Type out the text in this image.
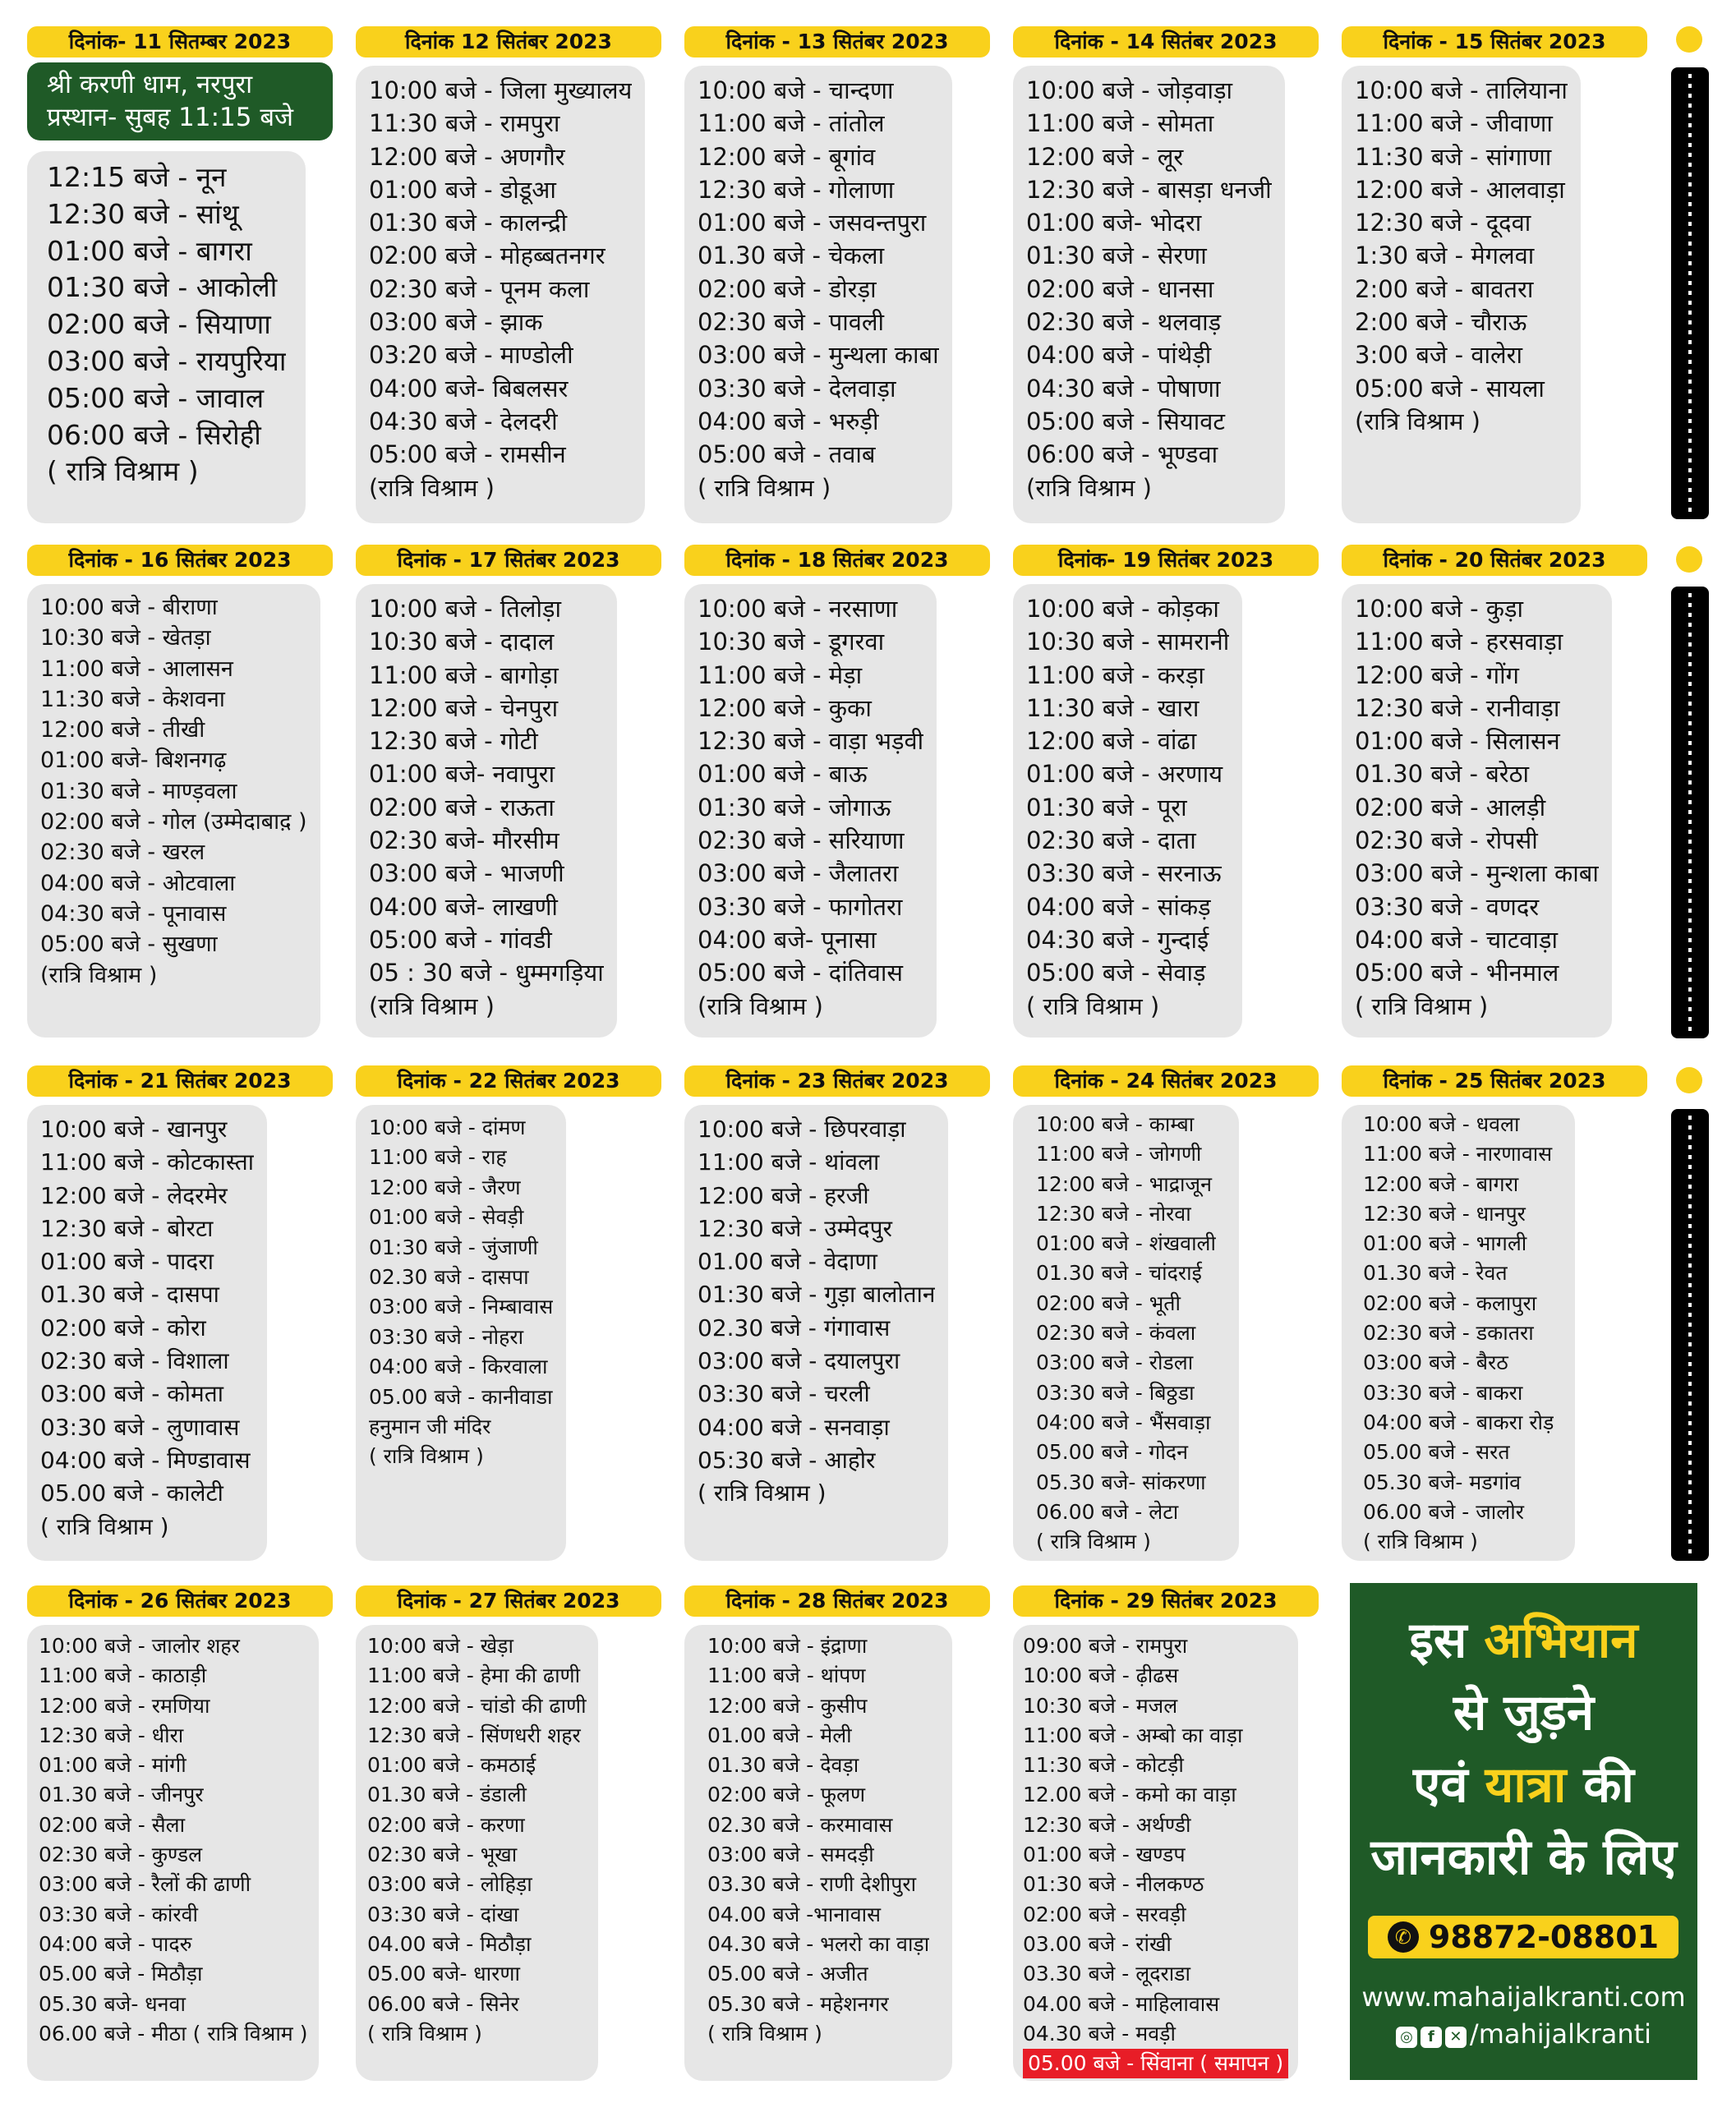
दिनांक- 11 सितम्बर 2023
श्री करणी धाम, नरपुरा
प्रस्थान- सुबह 11:15 बजे
12:15 बजे - नून
12:30 बजे - सांथू
01:00 बजे - बागरा
01:30 बजे - आकोली
02:00 बजे - सियाणा
03:00 बजे - रायपुरिया
05:00 बजे - जावाल
06:00 बजे - सिरोही
( रात्रि विश्राम )
दिनांक 12 सितंबर 2023
10:00 बजे - जिला मुख्यालय
11:30 बजे - रामपुरा
12:00 बजे - अणगौर
01:00 बजे - डोडूआ
01:30 बजे - कालन्द्री
02:00 बजे - मोहब्बतनगर
02:30 बजे - पूनम कला
03:00 बजे - झाक
03:20 बजे - माण्डोली
04:00 बजे- बिबलसर
04:30 बजे - देलदरी
05:00 बजे - रामसीन
(रात्रि विश्राम )
दिनांक - 13 सितंबर 2023
10:00 बजे - चान्दणा
11:00 बजे - तांतोल
12:00 बजे - बूगांव
12:30 बजे - गोलाणा
01:00 बजे - जसवन्तपुरा
01.30 बजे - चेकला
02:00 बजे - डोरड़ा
02:30 बजे - पावली
03:00 बजे - मुन्थला काबा
03:30 बजे - देलवाड़ा
04:00 बजे - भरुड़ी
05:00 बजे - तवाब
( रात्रि विश्राम )
दिनांक - 14 सितंबर 2023
10:00 बजे - जोड़वाड़ा
11:00 बजे - सोमता
12:00 बजे - लूर
12:30 बजे - बासड़ा धनजी
01:00 बजे- भोदरा
01:30 बजे - सेरणा
02:00 बजे - धानसा
02:30 बजे - थलवाड़
04:00 बजे - पांथेड़ी
04:30 बजे - पोषाणा
05:00 बजे - सियावट
06:00 बजे - भूण्डवा
(रात्रि विश्राम )
दिनांक - 15 सितंबर 2023
10:00 बजे - तालियाना
11:00 बजे - जीवाणा
11:30 बजे - सांगाणा
12:00 बजे - आलवाड़ा
12:30 बजे - दूदवा
1:30 बजे - मेगलवा
2:00 बजे - बावतरा
2:00 बजे - चौराऊ
3:00 बजे - वालेरा
05:00 बजे - सायला
(रात्रि विश्राम )
दिनांक - 16 सितंबर 2023
10:00 बजे - बीराणा
10:30 बजे - खेतड़ा
11:00 बजे - आलासन
11:30 बजे - केशवना
12:00 बजे - तीखी
01:00 बजे- बिशनगढ़
01:30 बजे - माण्ड़वला
02:00 बजे - गोल (उम्मेदाबाद़ )
02:30 बजे - खरल
04:00 बजे - ओटवाला
04:30 बजे - पूनावास
05:00 बजे - सुखणा
(रात्रि विश्राम )
दिनांक - 17 सितंबर 2023
10:00 बजे - तिलोड़ा
10:30 बजे - दादाल
11:00 बजे - बागोड़ा
12:00 बजे - चेनपुरा
12:30 बजे - गोटी
01:00 बजे- नवापुरा
02:00 बजे - राऊता
02:30 बजे- मौरसीम
03:00 बजे - भाजणी
04:00 बजे- लाखणी
05:00 बजे - गांवडी
05 : 30 बजे - धुम्मगड़िया
(रात्रि विश्राम )
दिनांक - 18 सितंबर 2023
10:00 बजे - नरसाणा
10:30 बजे - डूगरवा
11:00 बजे - मेड़ा
12:00 बजे - कुका
12:30 बजे - वाड़ा भड़वी
01:00 बजे - बाऊ
01:30 बजे - जोगाऊ
02:30 बजे - सरियाणा
03:00 बजे - जैलातरा
03:30 बजे - फागोतरा
04:00 बजे- पूनासा
05:00 बजे - दांतिवास
(रात्रि विश्राम )
दिनांक- 19 सितंबर 2023
10:00 बजे - कोड़का
10:30 बजे - सामरानी
11:00 बजे - करड़ा
11:30 बजे - खारा
12:00 बजे - वांढा
01:00 बजे - अरणाय
01:30 बजे - पूरा
02:30 बजे - दाता
03:30 बजे - सरनाऊ
04:00 बजे - सांकड़
04:30 बजे - गुन्दाई
05:00 बजे - सेवाड़
( रात्रि विश्राम )
दिनांक - 20 सितंबर 2023
10:00 बजे - कुड़ा
11:00 बजे - हरसवाड़ा
12:00 बजे - गोंग
12:30 बजे - रानीवाड़ा
01:00 बजे - सिलासन
01.30 बजे - बरेठा
02:00 बजे - आलड़ी
02:30 बजे - रोपसी
03:00 बजे - मुन्शला काबा
03:30 बजे - वणदर
04:00 बजे - चाटवाड़ा
05:00 बजे - भीनमाल
( रात्रि विश्राम )
दिनांक - 21 सितंबर 2023
10:00 बजे - खानपुर
11:00 बजे - कोटकास्ता
12:00 बजे - लेदरमेर
12:30 बजे - बोरटा
01:00 बजे - पादरा
01.30 बजे - दासपा
02:00 बजे - कोरा
02:30 बजे - विशाला
03:00 बजे - कोमता
03:30 बजे - लुणावास
04:00 बजे - मिण्डावास
05.00 बजे - कालेटी
( रात्रि विश्राम )
दिनांक - 22 सितंबर 2023
10:00 बजे - दांमण
11:00 बजे - राह
12:00 बजे - जैरण
01:00 बजे - सेवड़ी
01:30 बजे - जुंजाणी
02.30 बजे - दासपा
03:00 बजे - निम्बावास
03:30 बजे - नोहरा
04:00 बजे - किरवाला
05.00 बजे - कानीवाडा
हनुमान जी मंदिर
( रात्रि विश्राम )
दिनांक - 23 सितंबर 2023
10:00 बजे - छिपरवाड़ा
11:00 बजे - थांवला
12:00 बजे - हरजी
12:30 बजे - उम्मेदपुर
01.00 बजे - वेदाणा
01:30 बजे - गुड़ा बालोतान
02.30 बजे - गंगावास
03:00 बजे - दयालपुरा
03:30 बजे - चरली
04:00 बजे - सनवाड़ा
05:30 बजे - आहोर
( रात्रि विश्राम )
दिनांक - 24 सितंबर 2023
10:00 बजे - काम्बा
11:00 बजे - जोगणी
12:00 बजे - भाद्राजून
12:30 बजे - नोरवा
01:00 बजे - शंखवाली
01.30 बजे - चांदराई
02:00 बजे - भूती
02:30 बजे - कंवला
03:00 बजे - रोडला
03:30 बजे - बिठ्ठडा
04:00 बजे - भैंसवाड़ा
05.00 बजे - गोदन
05.30 बजे- सांकरणा
06.00 बजे - लेटा
( रात्रि विश्राम )
दिनांक - 25 सितंबर 2023
10:00 बजे - धवला
11:00 बजे - नारणावास
12:00 बजे - बागरा
12:30 बजे - धानपुर
01:00 बजे - भागली
01.30 बजे - रेवत
02:00 बजे - कलापुरा
02:30 बजे - डकातरा
03:00 बजे - बैरठ
03:30 बजे - बाकरा
04:00 बजे - बाकरा रोड़
05.00 बजे - सरत
05.30 बजे- मडगांव
06.00 बजे - जालोर
( रात्रि विश्राम )
दिनांक - 26 सितंबर 2023
10:00 बजे - जालोर शहर
11:00 बजे - काठाड़ी
12:00 बजे - रमणिया
12:30 बजे - धीरा
01:00 बजे - मांगी
01.30 बजे - जीनपुर
02:00 बजे - सैला
02:30 बजे - कुण्डल
03:00 बजे - रैलों की ढाणी
03:30 बजे - कांरवी
04:00 बजे - पादरु
05.00 बजे - मिठौड़ा
05.30 बजे- धनवा
06.00 बजे - मीठा ( रात्रि विश्राम )
दिनांक - 27 सितंबर 2023
10:00 बजे - खेड़ा
11:00 बजे - हेमा की ढाणी
12:00 बजे - चांडो की ढाणी
12:30 बजे - सिंणधरी शहर
01:00 बजे - कमठाई
01.30 बजे - डंडाली
02:00 बजे - करणा
02:30 बजे - भूखा
03:00 बजे - लोहिड़ा
03:30 बजे - दांखा
04.00 बजे - मिठौड़ा
05.00 बजे- धारणा
06.00 बजे - सिनेर
( रात्रि विश्राम )
दिनांक - 28 सितंबर 2023
10:00 बजे - इंद्राणा
11:00 बजे - थांपण
12:00 बजे - कुसीप
01.00 बजे - मेली
01.30 बजे - देवड़ा
02:00 बजे - फूलण
02.30 बजे - करमावास
03:00 बजे - समदड़ी
03.30 बजे - राणी देशीपुरा
04.00 बजे -भानावास
04.30 बजे - भलरो का वाड़ा
05.00 बजे - अजीत
05.30 बजे - महेशनगर
( रात्रि विश्राम )
दिनांक - 29 सितंबर 2023
09:00 बजे - रामपुरा
10:00 बजे - ढ़ीढस
10:30 बजे - मजल
11:00 बजे - अम्बो का वाड़ा
11:30 बजे - कोटड़ी
12.00 बजे - कमो का वाड़ा
12:30 बजे - अर्थण्डी
01:00 बजे - खण्डप
01:30 बजे - नीलकण्ठ
02:00 बजे - सरवड़ी
03.00 बजे - रांखी
03.30 बजे - लूदराडा
04.00 बजे - माहिलावास
04.30 बजे - मवड़ी
05.00 बजे - सिंवाना ( समापन )
इस अभियान
से जुड़ने
एवं यात्रा की
जानकारी के लिए
✆98872-08801
www.mahaijalkranti.com
◎ f ✕ /mahijalkranti
